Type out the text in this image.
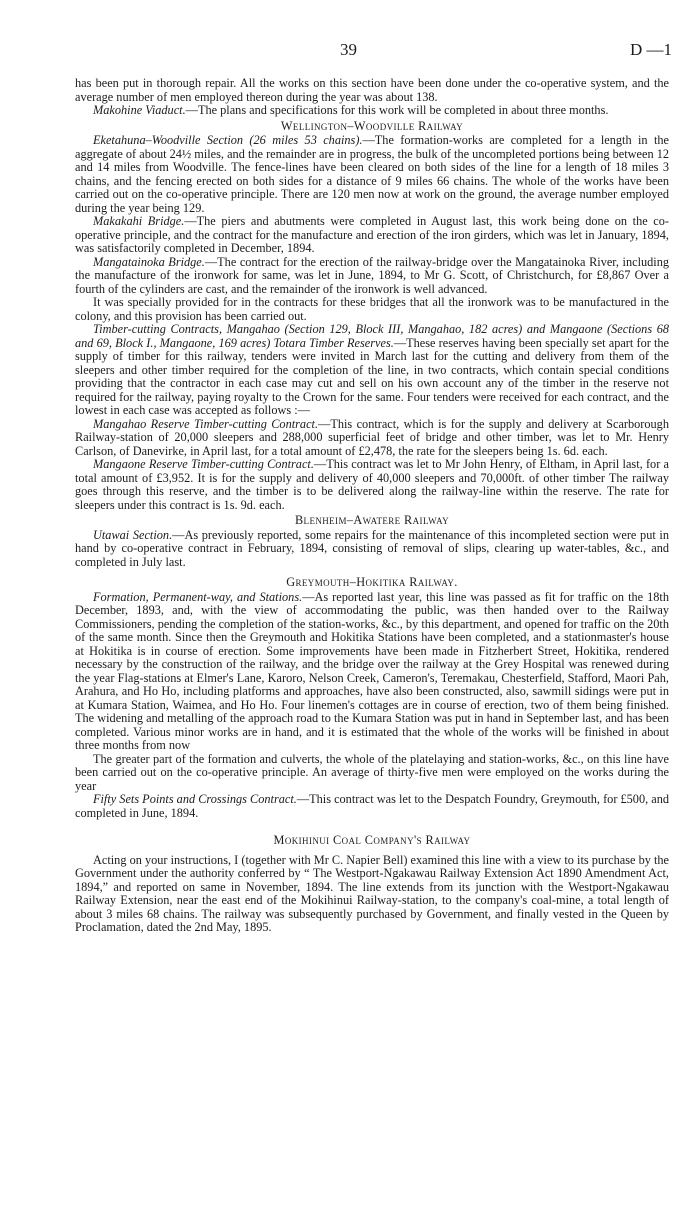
39	D —1

has been put in thorough repair. All the works on this section have been done under the co-operative system, and the average number of men employed thereon during the year was about 138.

Makohine Viaduct.—The plans and specifications for this work will be completed in about three months.

Wellington–Woodville Railway

Eketahuna–Woodville Section (26 miles 53 chains).—The formation-works are completed for a length in the aggregate of about 24½ miles, and the remainder are in progress, the bulk of the uncompleted portions being between 12 and 14 miles from Woodville. The fence-lines have been cleared on both sides of the line for a length of 18 miles 3 chains, and the fencing erected on both sides for a distance of 9 miles 66 chains. The whole of the works have been carried out on the co-operative principle. There are 120 men now at work on the ground, the average number employed during the year being 129.

Makakahi Bridge.—The piers and abutments were completed in August last, this work being done on the co-operative principle, and the contract for the manufacture and erection of the iron girders, which was let in January, 1894, was satisfactorily completed in December, 1894.

Mangatainoka Bridge.—The contract for the erection of the railway-bridge over the Mangatainoka River, including the manufacture of the ironwork for same, was let in June, 1894, to Mr G. Scott, of Christchurch, for £8,867 Over a fourth of the cylinders are cast, and the remainder of the ironwork is well advanced.

It was specially provided for in the contracts for these bridges that all the ironwork was to be manufactured in the colony, and this provision has been carried out.

Timber-cutting Contracts, Mangahao (Section 129, Block III, Mangahao, 182 acres) and Mangaone (Sections 68 and 69, Block I., Mangaone, 169 acres) Totara Timber Reserves.—These reserves having been specially set apart for the supply of timber for this railway, tenders were invited in March last for the cutting and delivery from them of the sleepers and other timber required for the completion of the line, in two contracts, which contain special conditions providing that the contractor in each case may cut and sell on his own account any of the timber in the reserve not required for the railway, paying royalty to the Crown for the same. Four tenders were received for each contract, and the lowest in each case was accepted as follows :—

Mangahao Reserve Timber-cutting Contract.—This contract, which is for the supply and delivery at Scarborough Railway-station of 20,000 sleepers and 288,000 superficial feet of bridge and other timber, was let to Mr. Henry Carlson, of Danevirke, in April last, for a total amount of £2,478, the rate for the sleepers being 1s. 6d. each.

Mangaone Reserve Timber-cutting Contract.—This contract was let to Mr John Henry, of Eltham, in April last, for a total amount of £3,952. It is for the supply and delivery of 40,000 sleepers and 70,000ft. of other timber The railway goes through this reserve, and the timber is to be delivered along the railway-line within the reserve. The rate for sleepers under this contract is 1s. 9d. each.

Blenheim–Awatere Railway

Utawai Section.—As previously reported, some repairs for the maintenance of this incompleted section were put in hand by co-operative contract in February, 1894, consisting of removal of slips, clearing up water-tables, &c., and completed in July last.

Greymouth–Hokitika Railway.

Formation, Permanent-way, and Stations.—As reported last year, this line was passed as fit for traffic on the 18th December, 1893, and, with the view of accommodating the public, was then handed over to the Railway Commissioners, pending the completion of the station-works, &c., by this department, and opened for traffic on the 20th of the same month. Since then the Greymouth and Hokitika Stations have been completed, and a stationmaster's house at Hokitika is in course of erection. Some improvements have been made in Fitzherbert Street, Hokitika, rendered necessary by the construction of the railway, and the bridge over the railway at the Grey Hospital was renewed during the year Flag-stations at Elmer's Lane, Karoro, Nelson Creek, Cameron's, Teremakau, Chesterfield, Stafford, Maori Pah, Arahura, and Ho Ho, including platforms and approaches, have also been constructed, also, sawmill sidings were put in at Kumara Station, Waimea, and Ho Ho. Four linemen's cottages are in course of erection, two of them being finished. The widening and metalling of the approach road to the Kumara Station was put in hand in September last, and has been completed. Various minor works are in hand, and it is estimated that the whole of the works will be finished in about three months from now

The greater part of the formation and culverts, the whole of the platelaying and station-works, &c., on this line have been carried out on the co-operative principle. An average of thirty-five men were employed on the works during the year

Fifty Sets Points and Crossings Contract.—This contract was let to the Despatch Foundry, Greymouth, for £500, and completed in June, 1894.

Mokihinui Coal Company's Railway

Acting on your instructions, I (together with Mr C. Napier Bell) examined this line with a view to its purchase by the Government under the authority conferred by “ The Westport-Ngakawau Railway Extension Act 1890 Amendment Act, 1894,” and reported on same in November, 1894. The line extends from its junction with the Westport-Ngakawau Railway Extension, near the east end of the Mokihinui Railway-station, to the company's coal-mine, a total length of about 3 miles 68 chains. The railway was subsequently purchased by Government, and finally vested in the Queen by Proclamation, dated the 2nd May, 1895.
